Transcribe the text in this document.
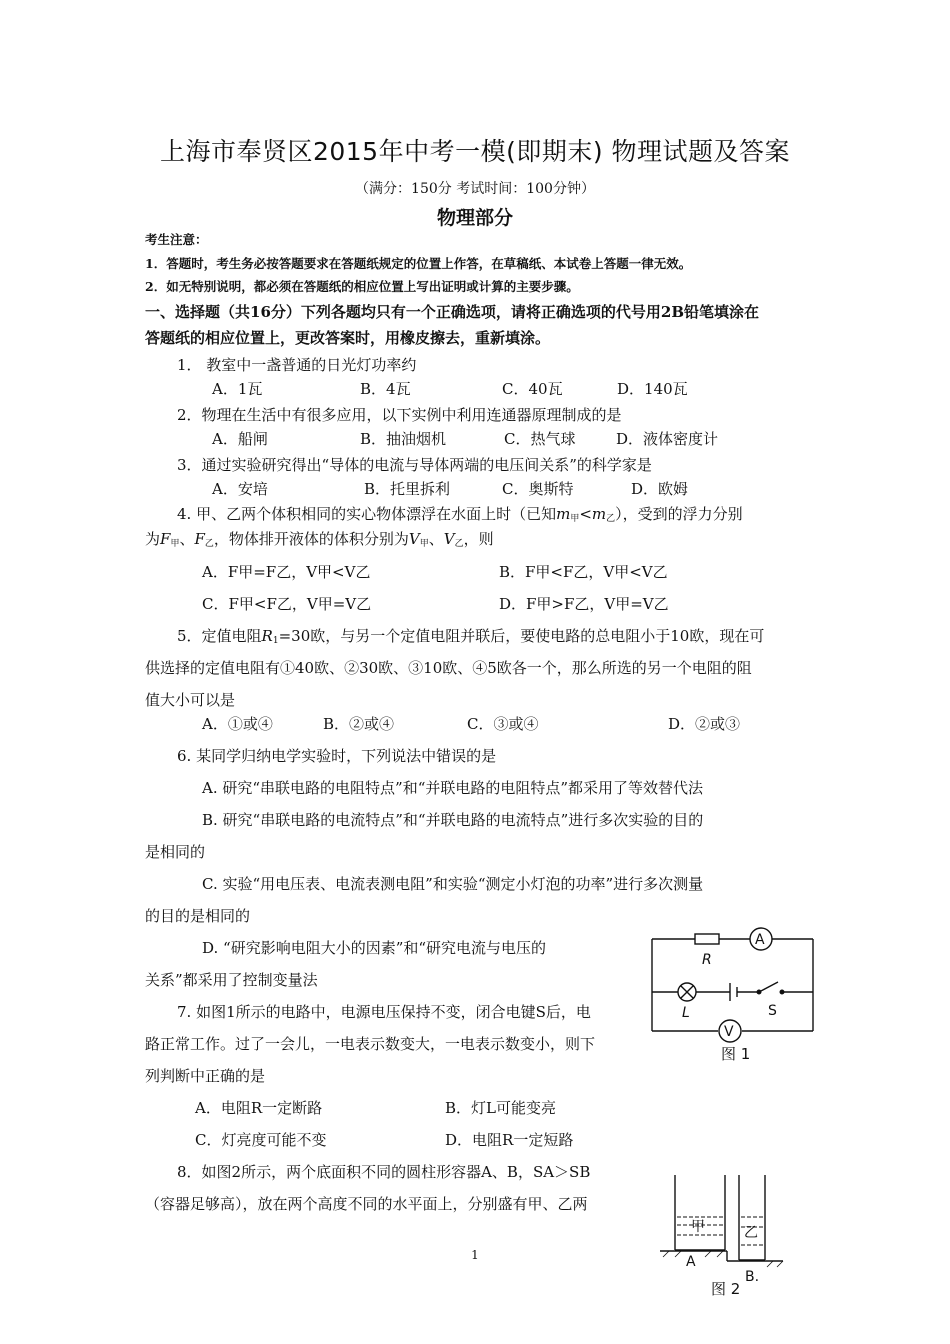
上海市奉贤区2015年中考一模(即期末) 物理试题及答案
（满分：150分 考试时间：100分钟）
物理部分
考生注意：
1．答题时，考生务必按答题要求在答题纸规定的位置上作答，在草稿纸、本试卷上答题一律无效。
2．如无特别说明，都必须在答题纸的相应位置上写出证明或计算的主要步骤。
一、选择题（共16分）下列各题均只有一个正确选项，请将正确选项的代号用2B铅笔填涂在
答题纸的相应位置上，更改答案时，用橡皮擦去，重新填涂。
1． 教室中一盏普通的日光灯功率约
A．1瓦	B．4瓦	C．40瓦	D．140瓦
2．物理在生活中有很多应用，以下实例中利用连通器原理制成的是
A．船闸	B．抽油烟机	C．热气球	D．液体密度计
3．通过实验研究得出“导体的电流与导体两端的电压间关系”的科学家是
A．安培	B．托里拆利	C．奥斯特	D．欧姆
4. 甲、乙两个体积相同的实心物体漂浮在水面上时（已知$m_甲<m_乙$），受到的浮力分别
为$F_甲$、$F_乙$，物体排开液体的体积分别为$V_甲$、$V_乙$，则
A．F甲=F乙，V甲<V乙	B．F甲<F乙，V甲<V乙
C．F甲<F乙，V甲=V乙	D．F甲>F乙，V甲=V乙
5．定值电阻$R_1=30$欧，与另一个定值电阻并联后，要使电路的总电阻小于10欧，现在可
供选择的定值电阻有①40欧、②30欧、③10欧、④5欧各一个，那么所选的另一个电阻的阻
值大小可以是
A．①或④	B．②或④	C．③或④	D．②或③
6. 某同学归纳电学实验时，下列说法中错误的是
A. 研究“串联电路的电阻特点”和“并联电路的电阻特点”都采用了等效替代法
B. 研究“串联电路的电流特点”和“并联电路的电流特点”进行多次实验的目的
是相同的
C. 实验“用电压表、电流表测电阻”和实验“测定小灯泡的功率”进行多次测量
的目的是相同的
D. “研究影响电阻大小的因素”和“研究电流与电压的
关系”都采用了控制变量法
A
V
R
L	S
图 1
7. 如图1所示的电路中，电源电压保持不变，闭合电键S后，电
路正常工作。过了一会儿，一电表示数变大，一电表示数变小，则下
列判断中正确的是
A．电阻R一定断路	B．灯L可能变亮
C．灯亮度可能不变	D．电阻R一定短路
8．如图2所示，两个底面积不同的圆柱形容器A、B，SA＞SB
（容器足够高），放在两个高度不同的水平面上，分别盛有甲、乙两
甲	乙
A
B.
图 2
1
